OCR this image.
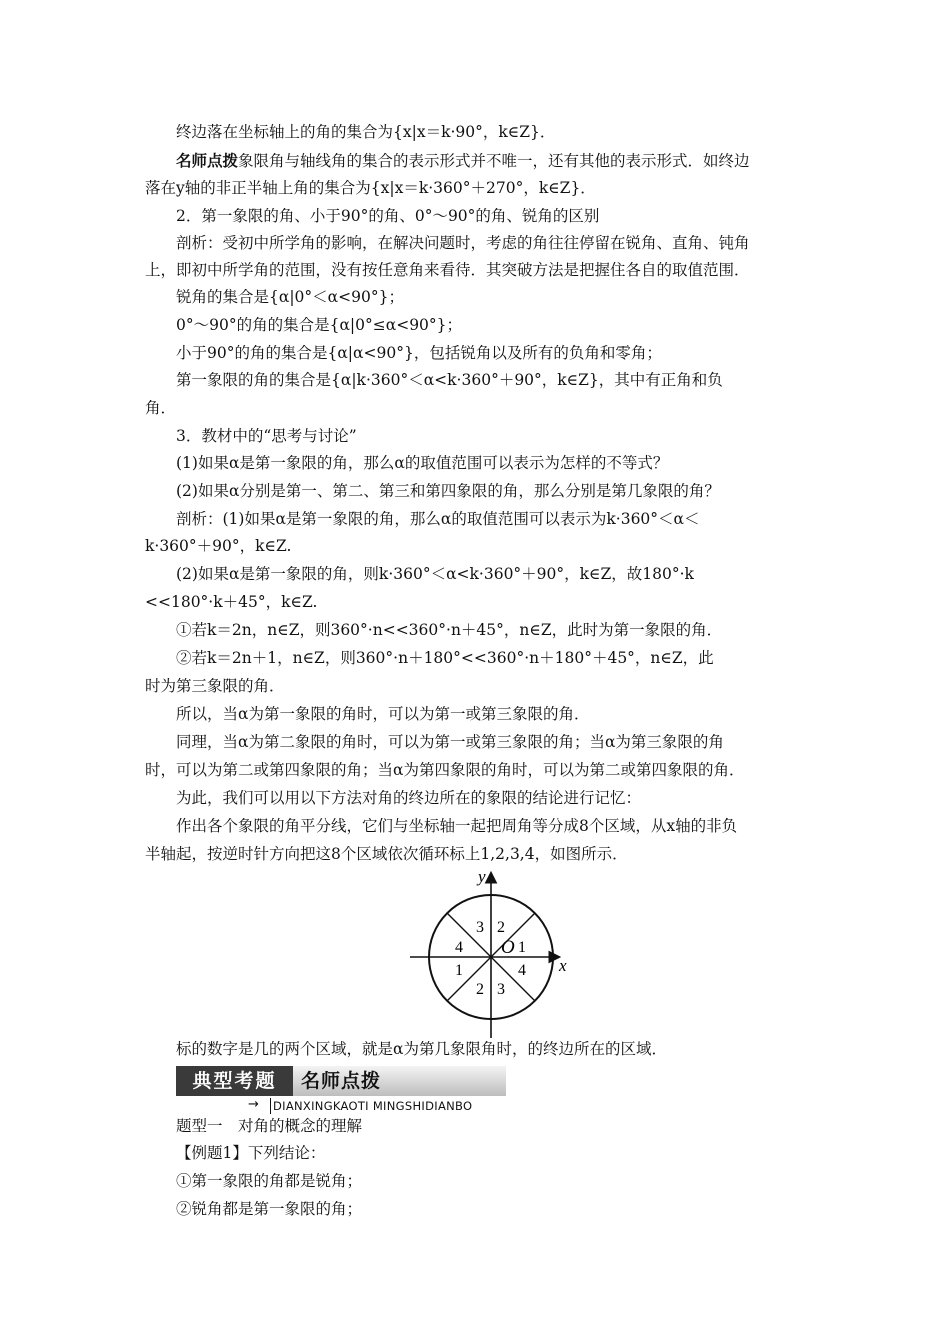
终边落在坐标轴上的角的集合为{x|x＝k·90°，k∈Z}．
名师点拨象限角与轴线角的集合的表示形式并不唯一，还有其他的表示形式．如终边
落在y轴的非正半轴上角的集合为{x|x＝k·360°＋270°，k∈Z}．
2．第一象限的角、小于90°的角、0°～90°的角、锐角的区别
剖析：受初中所学角的影响，在解决问题时，考虑的角往往停留在锐角、直角、钝角
上，即初中所学角的范围，没有按任意角来看待．其突破方法是把握住各自的取值范围．
锐角的集合是{α|0°＜α<90°}；
0°～90°的角的集合是{α|0°≤α<90°}；
小于90°的角的集合是{α|α<90°}，包括锐角以及所有的负角和零角；
第一象限的角的集合是{α|k·360°＜α<k·360°＋90°，k∈Z}，其中有正角和负
角．
3．教材中的“思考与讨论”
(1)如果α是第一象限的角，那么α的取值范围可以表示为怎样的不等式？
(2)如果α分别是第一、第二、第三和第四象限的角，那么分别是第几象限的角？
剖析：(1)如果α是第一象限的角，那么α的取值范围可以表示为k·360°＜α＜
k·360°＋90°，k∈Z.
(2)如果α是第一象限的角，则k·360°＜α<k·360°＋90°，k∈Z，故180°·k
<<180°·k＋45°，k∈Z.
①若k＝2n，n∈Z，则360°·n<<360°·n＋45°，n∈Z，此时为第一象限的角．
②若k＝2n＋1，n∈Z，则360°·n＋180°<<360°·n＋180°＋45°，n∈Z，此
时为第三象限的角．
所以，当α为第一象限的角时，可以为第一或第三象限的角．
同理，当α为第二象限的角时，可以为第一或第三象限的角；当α为第三象限的角
时，可以为第二或第四象限的角；当α为第四象限的角时，可以为第二或第四象限的角．
为此，我们可以用以下方法对角的终边所在的象限的结论进行记忆：
作出各个象限的角平分线，它们与坐标轴一起把周角等分成8个区域，从x轴的非负
半轴起，按逆时针方向把这8个区域依次循环标上1,2,3,4，如图所示．
y
x
O 1
2
3
4
1
2 3
4
标的数字是几的两个区域，就是α为第几象限角时，的终边所在的区域．
典型考题	名师点拨
→ DIANXINGKAOTI MINGSHIDIANBO
题型一　对角的概念的理解
【例题1】下列结论：
①第一象限的角都是锐角；
②锐角都是第一象限的角；
